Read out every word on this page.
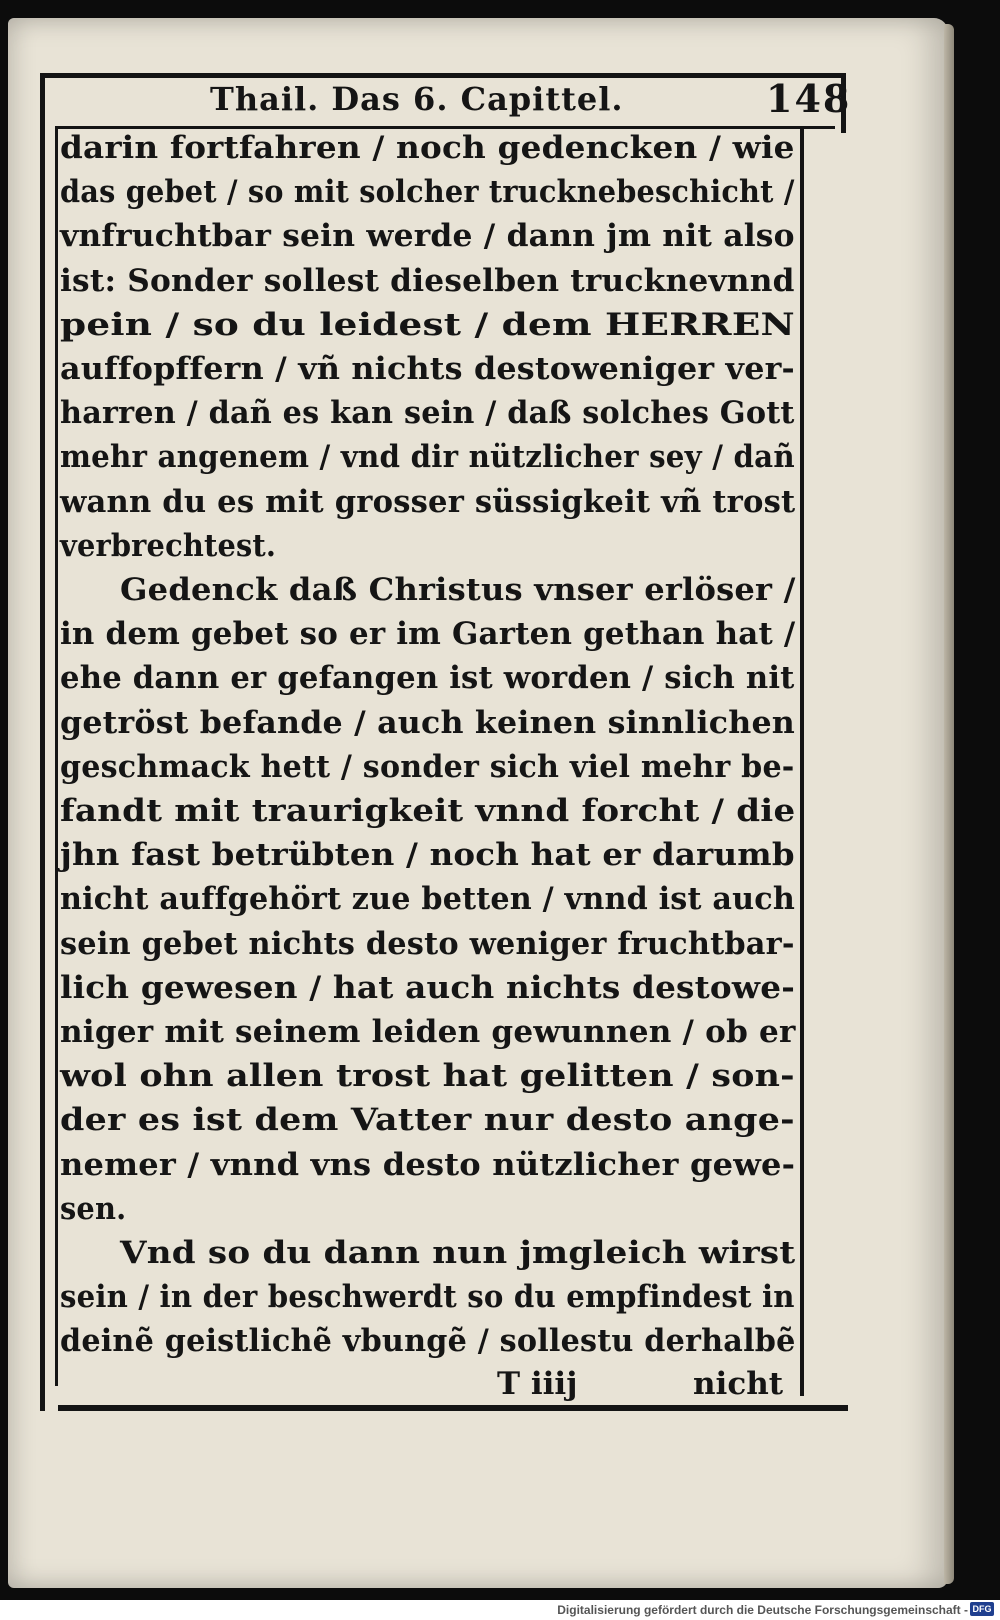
Thail. Das 6. Capittel.	148
darin fortfahren / noch gedencken / wie
das gebet / so mit solcher trucknebeschicht /
vnfruchtbar sein werde / dann jm nit also
ist: Sonder sollest dieselben trucknevnnd
pein / so du leidest / dem HERREN
auffopffern / vñ nichts destoweniger ver-
harren / dañ es kan sein / daß solches Gott
mehr angenem / vnd dir nützlicher sey / dañ
wann du es mit grosser süssigkeit vñ trost
verbrechtest.
Gedenck daß Christus vnser erlöser /
in dem gebet so er im Garten gethan hat /
ehe dann er gefangen ist worden / sich nit
getröst befande / auch keinen sinnlichen
geschmack hett / sonder sich viel mehr be-
fandt mit traurigkeit vnnd forcht / die
jhn fast betrübten / noch hat er darumb
nicht auffgehört zue betten / vnnd ist auch
sein gebet nichts desto weniger fruchtbar-
lich gewesen / hat auch nichts destowe-
niger mit seinem leiden gewunnen / ob er
wol ohn allen trost hat gelitten / son-
der es ist dem Vatter nur desto ange-
nemer / vnnd vns desto nützlicher gewe-
sen.
Vnd so du dann nun jmgleich wirst
sein / in der beschwerdt so du empfindest in
deinẽ geistlichẽ vbungẽ / sollestu derhalbẽ
T iiij	nicht
Digitalisierung gefördert durch die Deutsche Forschungsgemeinschaft - DFG
